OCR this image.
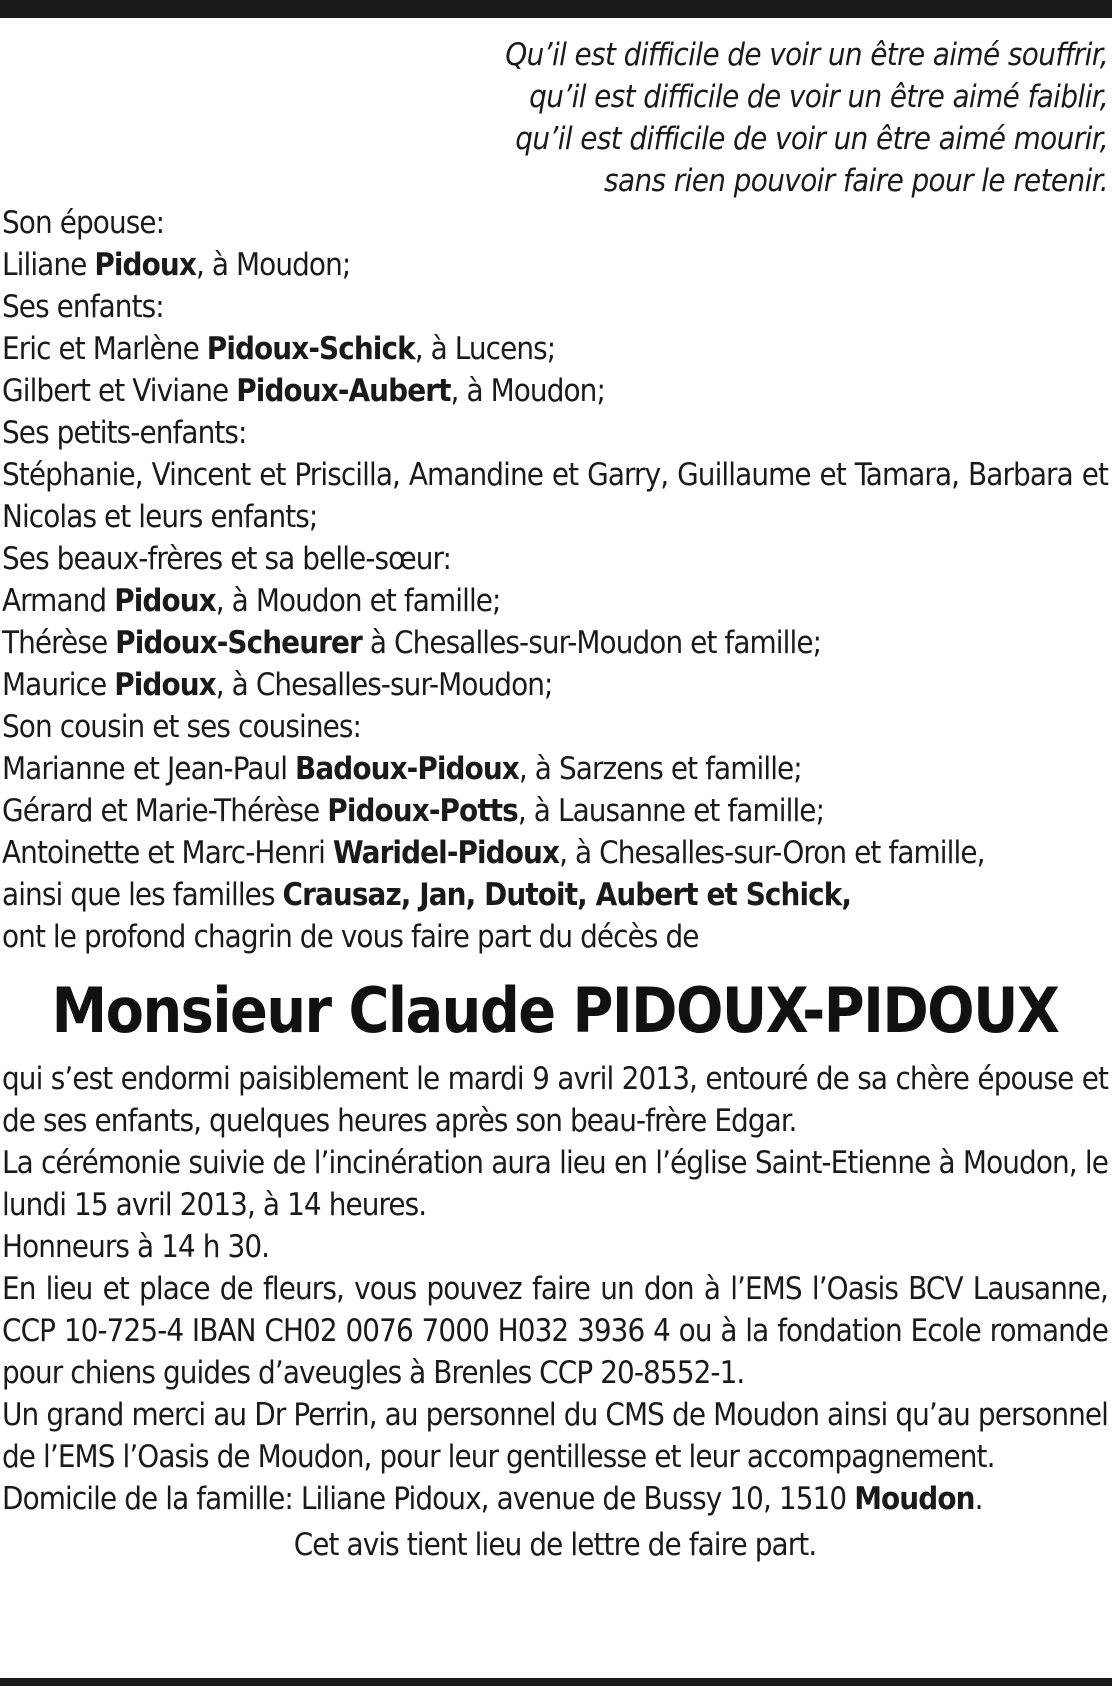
Qu’il est difficile de voir un être aimé souffrir,
qu’il est difficile de voir un être aimé faiblir,
qu’il est difficile de voir un être aimé mourir,
sans rien pouvoir faire pour le retenir.
Son épouse:
Liliane Pidoux, à Moudon;
Ses enfants:
Eric et Marlène Pidoux-Schick, à Lucens;
Gilbert et Viviane Pidoux-Aubert, à Moudon;
Ses petits-enfants:
Stéphanie, Vincent et Priscilla, Amandine et Garry, Guillaume et Tamara, Barbara et Nicolas et leurs enfants;
Ses beaux-frères et sa belle-sœur:
Armand Pidoux, à Moudon et famille;
Thérèse Pidoux-Scheurer à Chesalles-sur-Moudon et famille;
Maurice Pidoux, à Chesalles-sur-Moudon;
Son cousin et ses cousines:
Marianne et Jean-Paul Badoux-Pidoux, à Sarzens et famille;
Gérard et Marie-Thérèse Pidoux-Potts, à Lausanne et famille;
Antoinette et Marc-Henri Waridel-Pidoux, à Chesalles-sur-Oron et famille,
ainsi que les familles Crausaz, Jan, Dutoit, Aubert et Schick,
ont le profond chagrin de vous faire part du décès de
Monsieur Claude PIDOUX-PIDOUX
qui s’est endormi paisiblement le mardi 9 avril 2013, entouré de sa chère épouse et de ses enfants, quelques heures après son beau-frère Edgar.
La cérémonie suivie de l’incinération aura lieu en l’église Saint-Etienne à Moudon, le lundi 15 avril 2013, à 14 heures.
Honneurs à 14 h 30.
En lieu et place de fleurs, vous pouvez faire un don à l’EMS l’Oasis BCV Lausanne, CCP 10-725-4 IBAN CH02 0076 7000 H032 3936 4 ou à la fondation Ecole romande pour chiens guides d’aveugles à Brenles CCP 20-8552-1.
Un grand merci au Dr Perrin, au personnel du CMS de Moudon ainsi qu’au personnel de l’EMS l’Oasis de Moudon, pour leur gentillesse et leur accompagnement.
Domicile de la famille: Liliane Pidoux, avenue de Bussy 10, 1510 Moudon.
Cet avis tient lieu de lettre de faire part.
